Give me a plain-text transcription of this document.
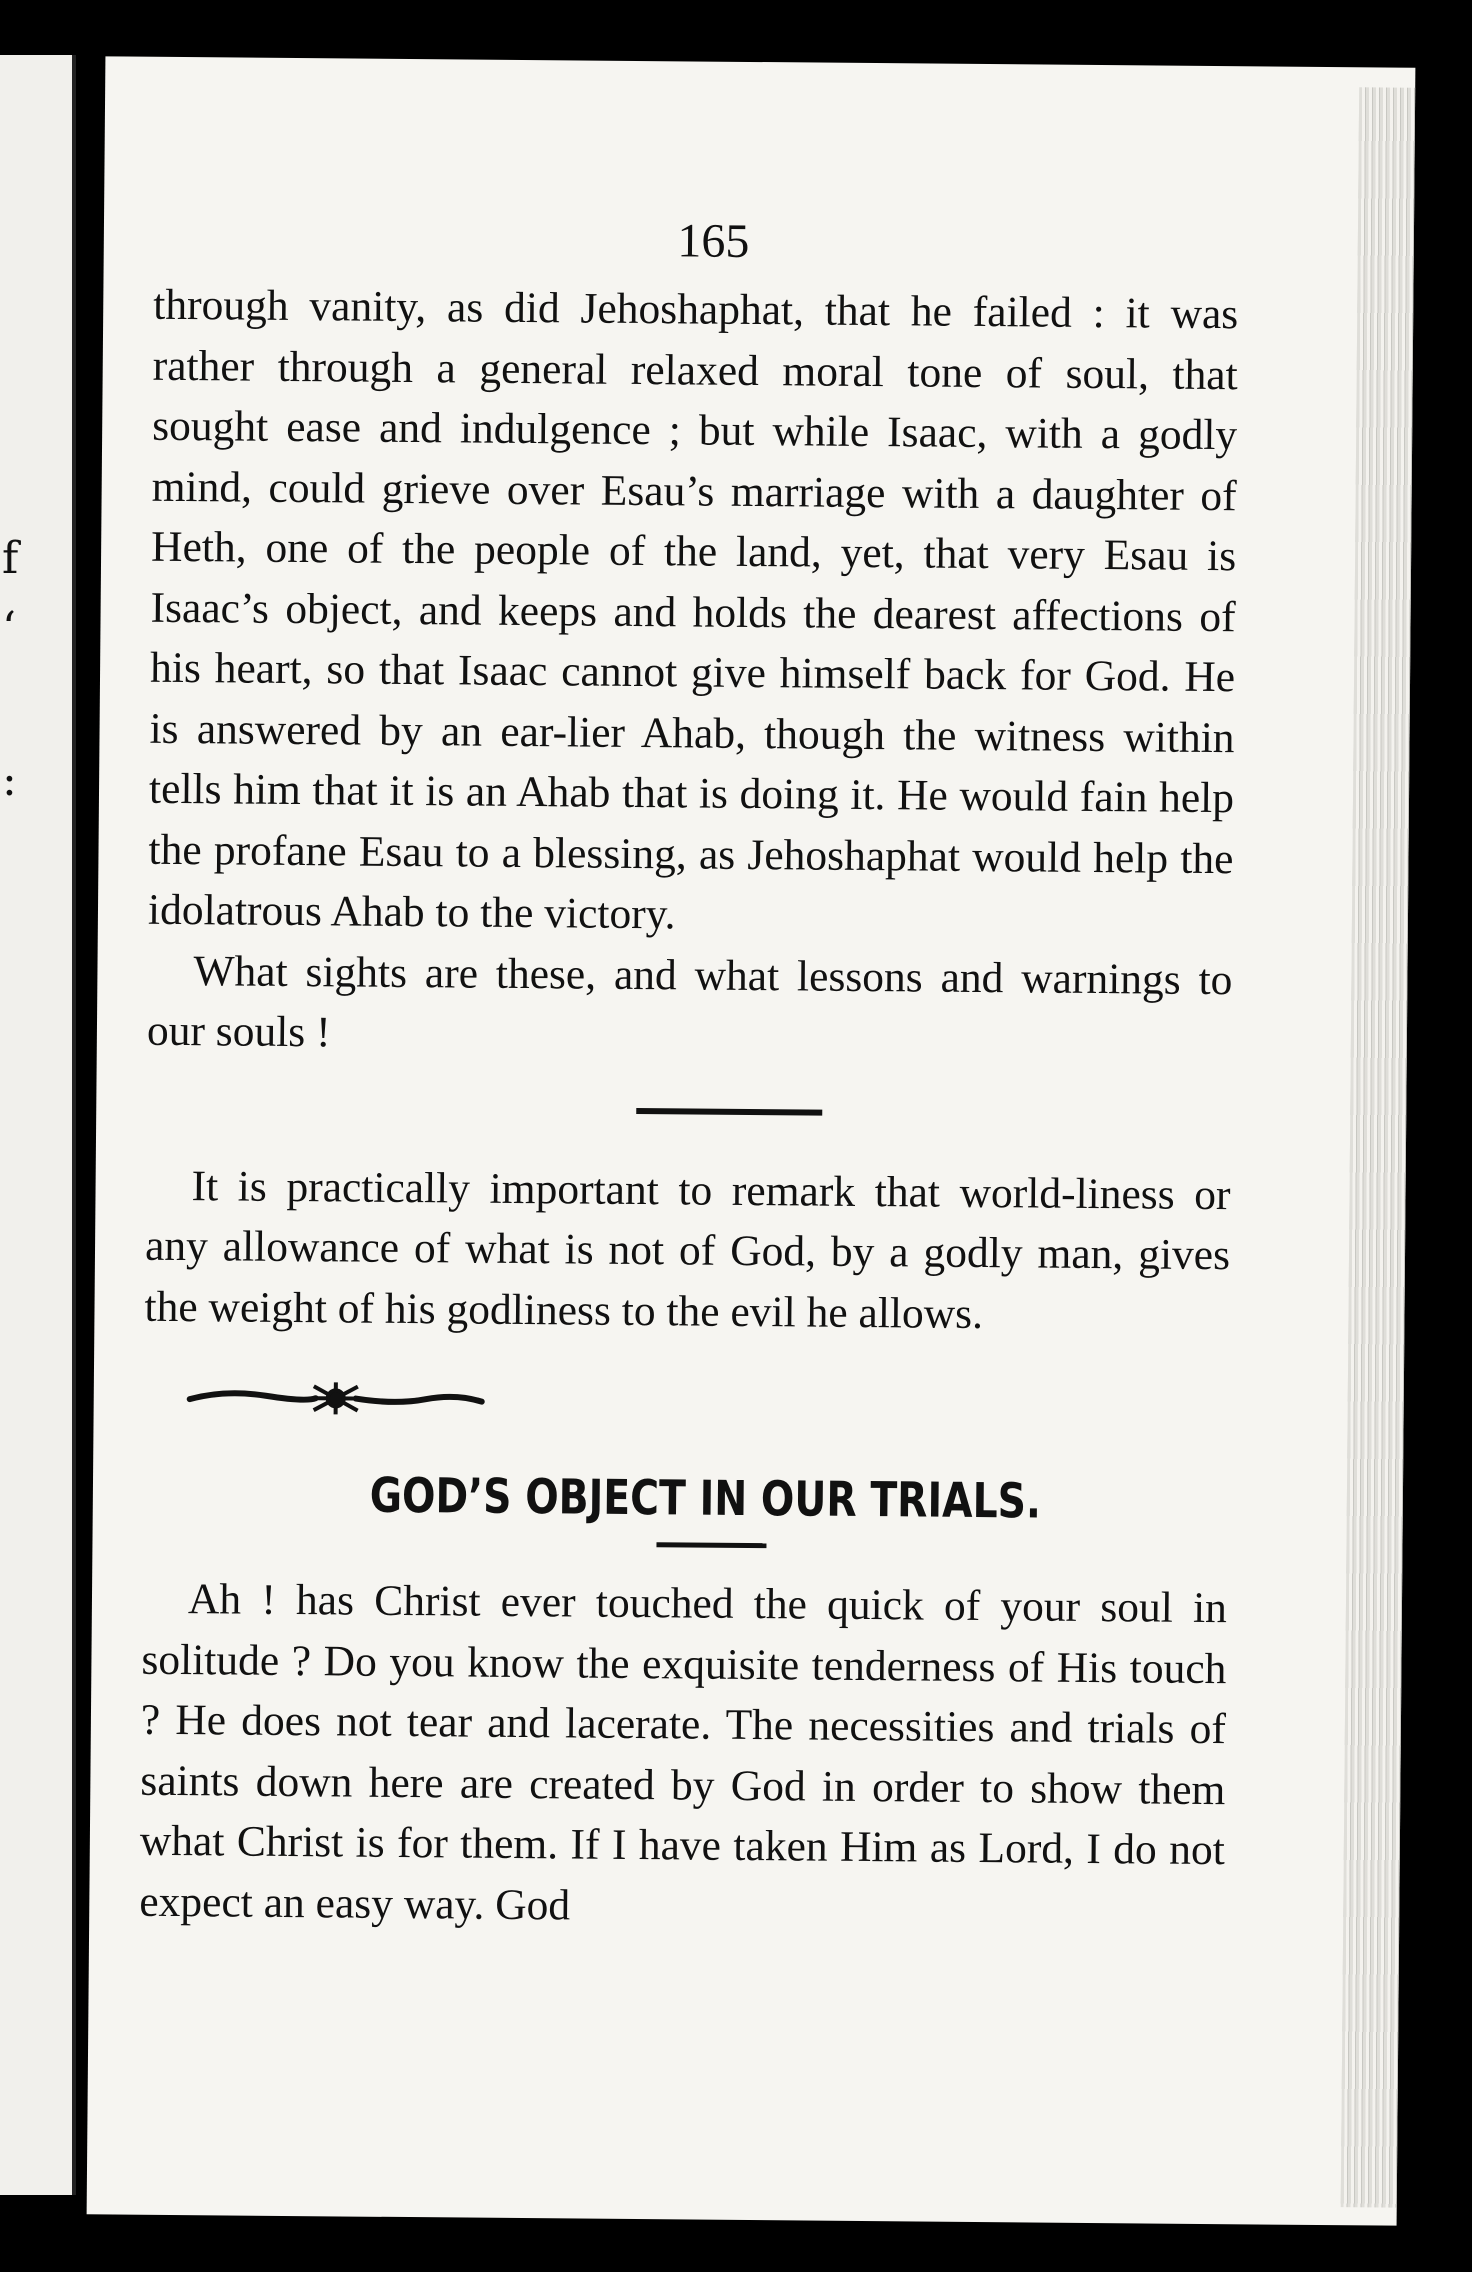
f
‘
:
165

through vanity, as did Jehoshaphat, that he failed : it was rather through a general relaxed moral tone of soul, that sought ease and indulgence ; but while Isaac, with a godly mind, could grieve over Esau’s marriage with a daughter of Heth, one of the people of the land, yet, that very Esau is Isaac’s object, and keeps and holds the dearest affections of his heart, so that Isaac cannot give himself back for God. He is answered by an ear-lier Ahab, though the witness within tells him that it is an Ahab that is doing it. He would fain help the profane Esau to a blessing, as Jehoshaphat would help the idolatrous Ahab to the victory.

What sights are these, and what lessons and warnings to our souls !

It is practically important to remark that world-liness or any allowance of what is not of God, by a godly man, gives the weight of his godliness to the evil he allows.

GOD’S OBJECT IN OUR TRIALS.

Ah ! has Christ ever touched the quick of your soul in solitude ? Do you know the exquisite tenderness of His touch ? He does not tear and lacerate. The necessities and trials of saints down here are created by God in order to show them what Christ is for them. If I have taken Him as Lord, I do not expect an easy way. God
